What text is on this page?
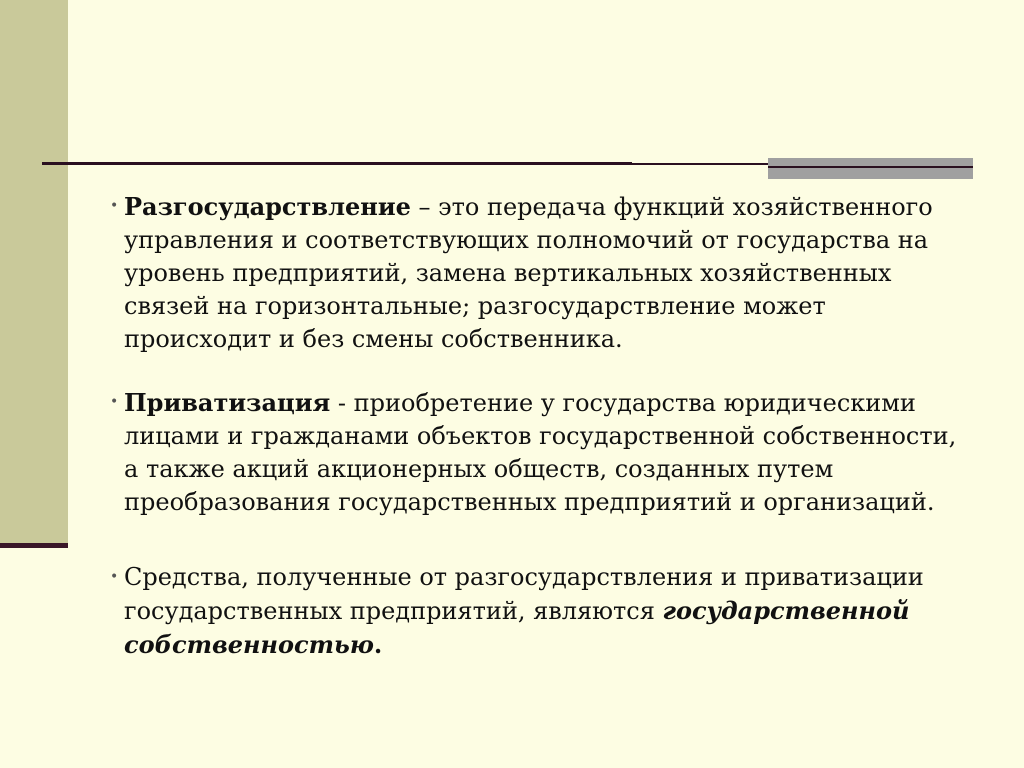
• Разгосударствление – это передача функций хозяйственного управления и соответствующих полномочий от государства на уровень предприятий, замена вертикальных хозяйственных связей на горизонтальные; разгосударствление может происходит и без смены собственника.

• Приватизация - приобретение у государства юридическими лицами и гражданами объектов государственной собственности, а также акций акционерных обществ, созданных путем преобразования государственных предприятий и организаций.

• Средства, полученные от разгосударствления и приватизации государственных предприятий, являются государственной собственностью.
